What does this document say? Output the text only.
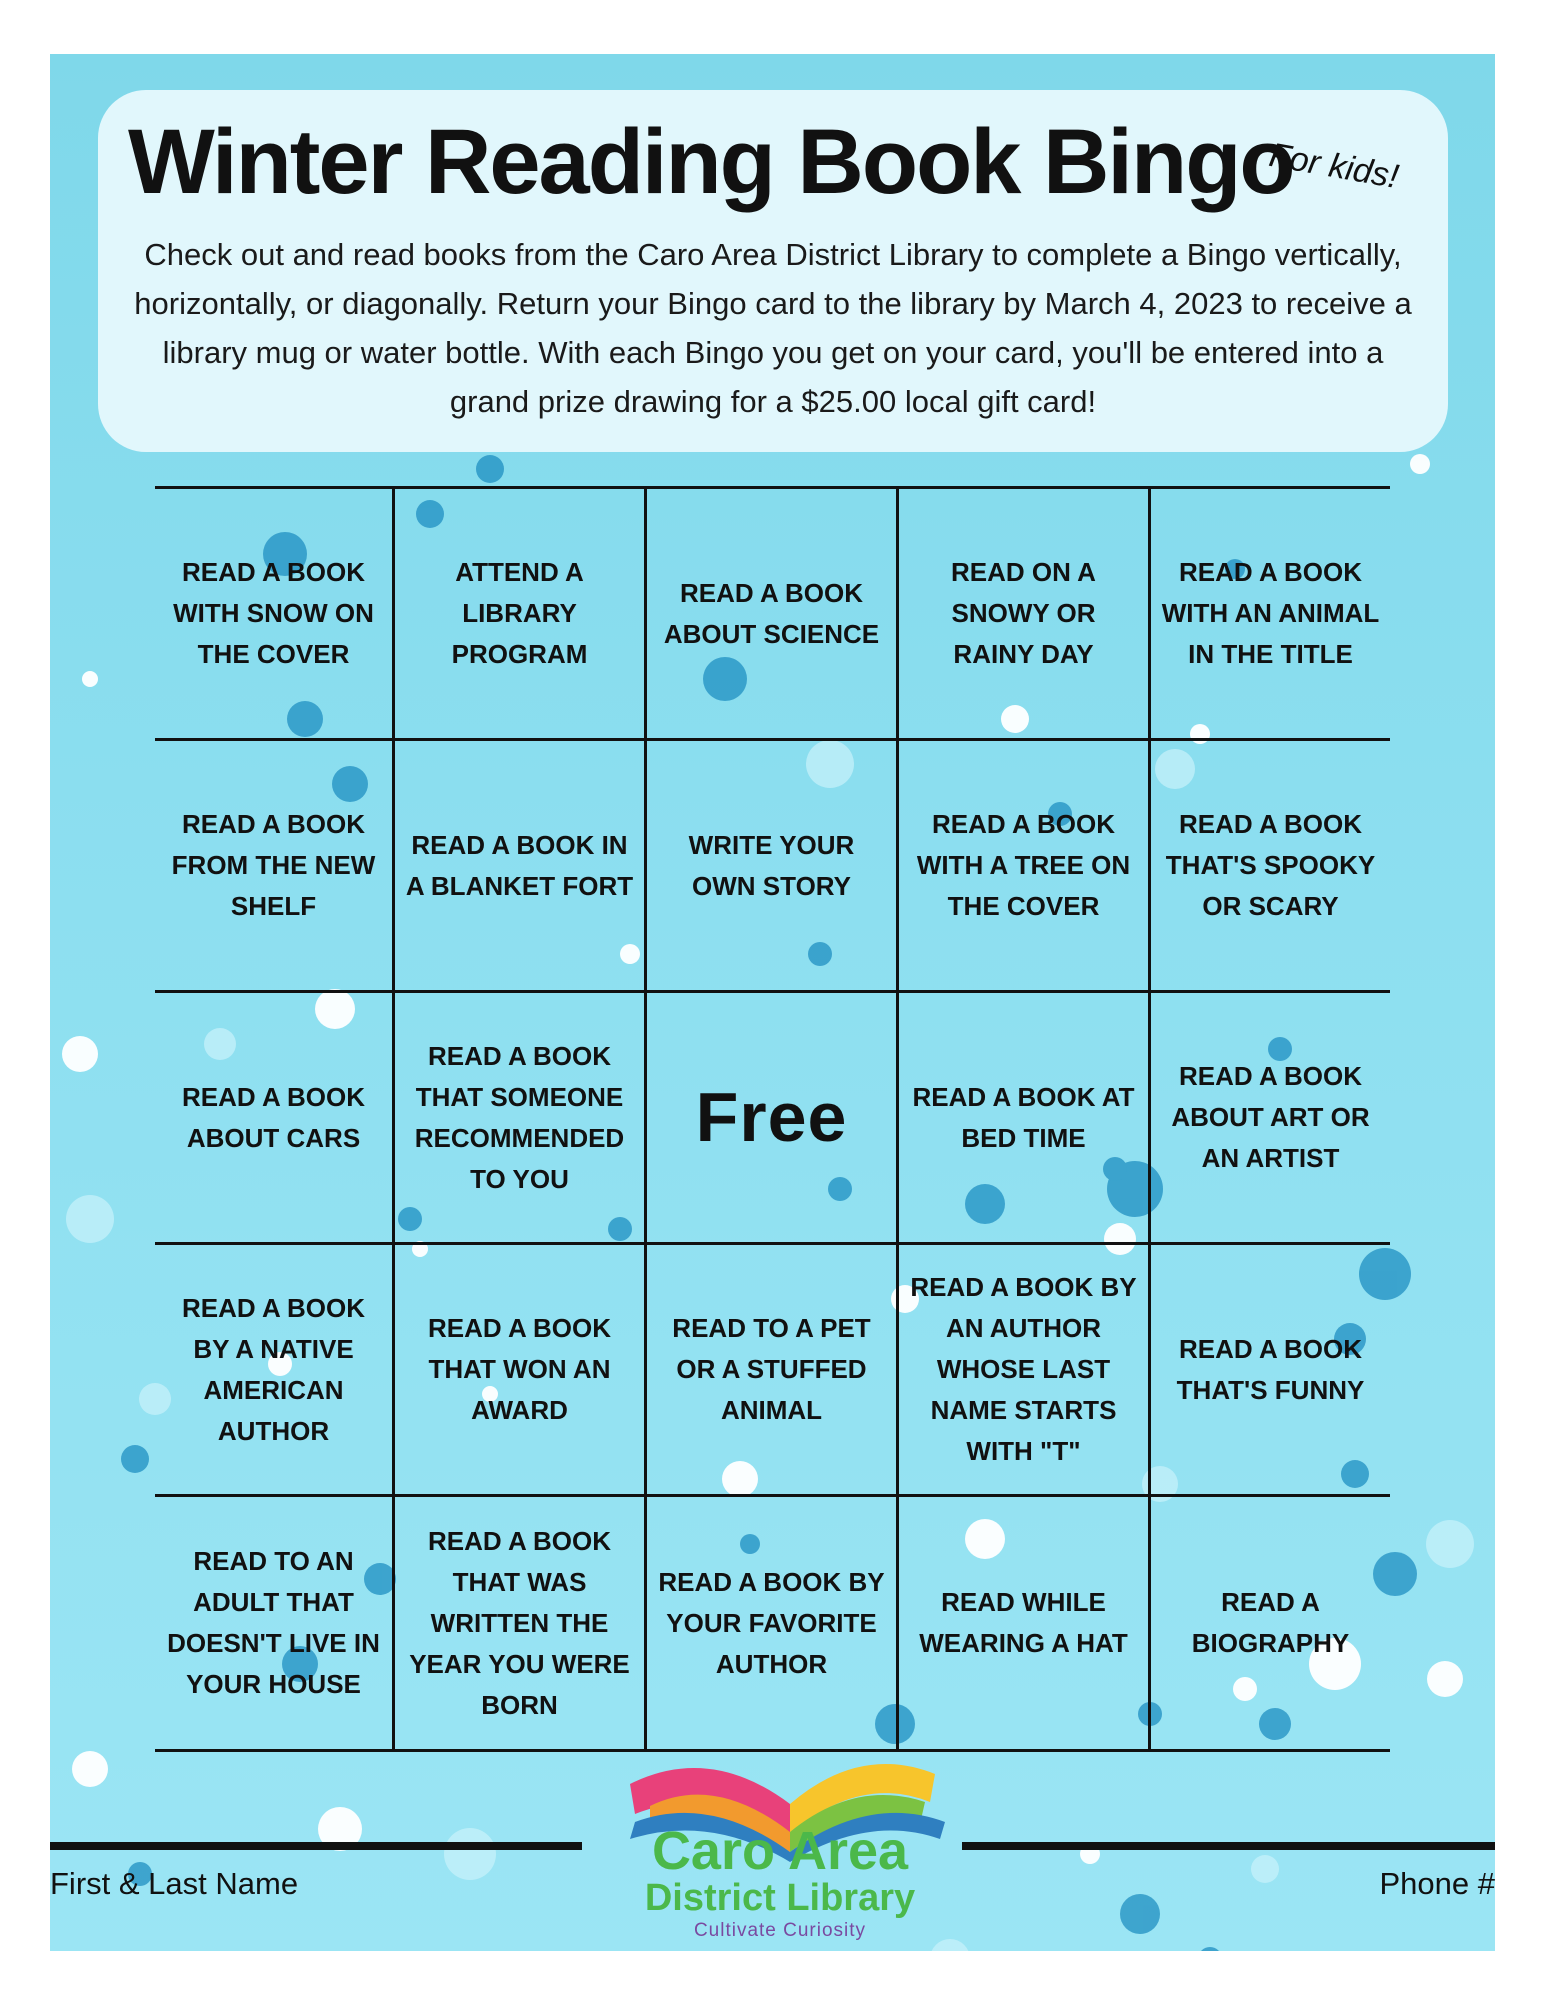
Winter Reading Book Bingo
For kids!
Check out and read books from the Caro Area District Library to complete a Bingo vertically, horizontally, or diagonally. Return your Bingo card to the library by March 4, 2023 to receive a library mug or water bottle. With each Bingo you get on your card, you'll be entered into a grand prize drawing for a $25.00 local gift card!
READ A BOOK WITH SNOW ON THE COVER
ATTEND A LIBRARY PROGRAM
READ A BOOK ABOUT SCIENCE
READ ON A SNOWY OR RAINY DAY
READ A BOOK WITH AN ANIMAL IN THE TITLE
READ A BOOK FROM THE NEW SHELF
READ A BOOK IN A BLANKET FORT
WRITE YOUR OWN STORY
READ A BOOK WITH A TREE ON THE COVER
READ A BOOK THAT'S SPOOKY OR SCARY
READ A BOOK ABOUT CARS
READ A BOOK THAT SOMEONE RECOMMENDED TO YOU
Free	READ A BOOK AT BED TIME
READ A BOOK ABOUT ART OR AN ARTIST
READ A BOOK BY A NATIVE AMERICAN AUTHOR
READ A BOOK THAT WON AN AWARD
READ TO A PET OR A STUFFED ANIMAL
READ A BOOK BY AN AUTHOR WHOSE LAST NAME STARTS WITH "T"
READ A BOOK THAT'S FUNNY
READ TO AN ADULT THAT DOESN'T LIVE IN YOUR HOUSE
READ A BOOK THAT WAS WRITTEN THE YEAR YOU WERE BORN
READ A BOOK BY YOUR FAVORITE AUTHOR
READ WHILE WEARING A HAT
READ A BIOGRAPHY
First & Last Name	Phone #
Caro Area
District Library
Cultivate Curiosity
